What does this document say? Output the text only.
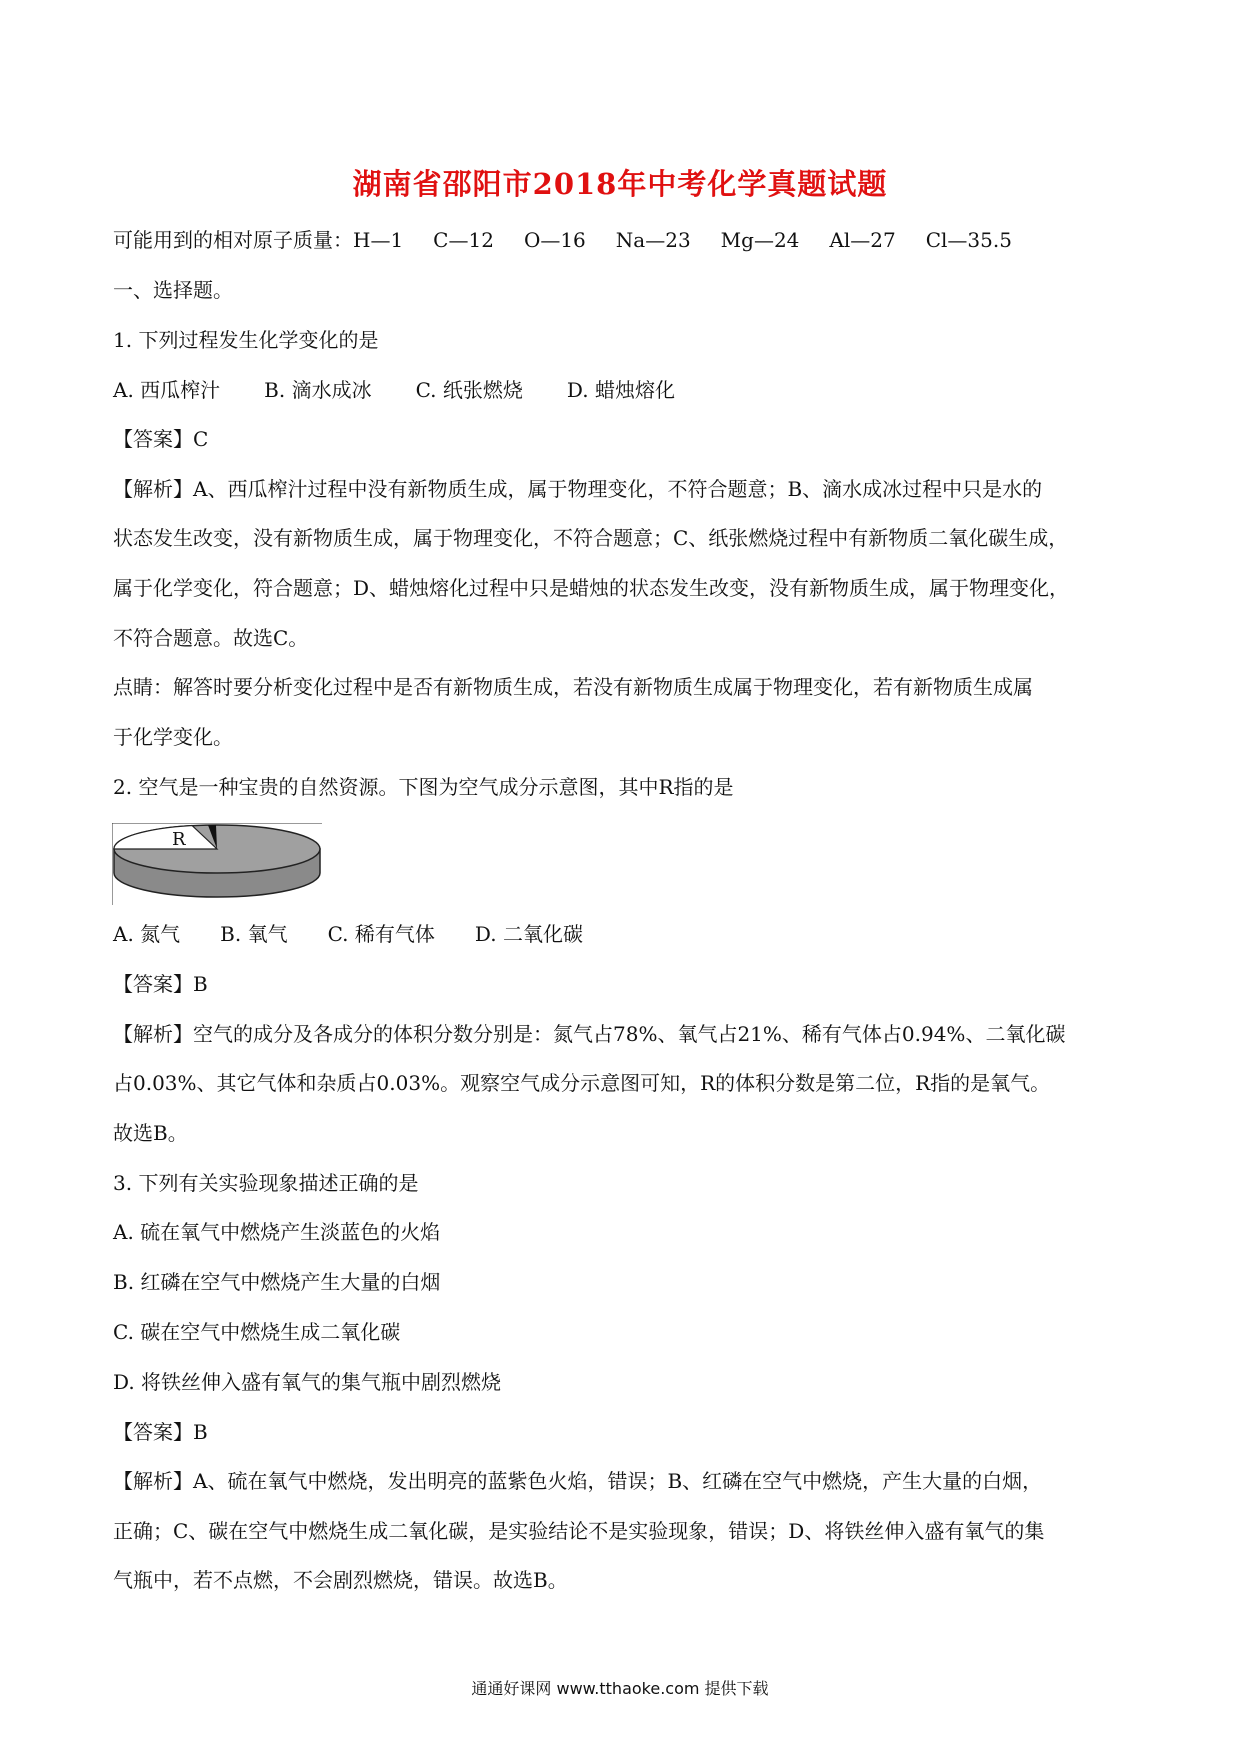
湖南省邵阳市2018年中考化学真题试题
可能用到的相对原子质量： H—1 C—12 O—16 Na—23 Mg—24 Al—27 Cl—35.5
一、选择题。
1. 下列过程发生化学变化的是
A. 西瓜榨汁 B. 滴水成冰 C. 纸张燃烧 D. 蜡烛熔化
【答案】C
【解析】A、西瓜榨汁过程中没有新物质生成，属于物理变化，不符合题意；B、滴水成冰过程中只是水的
状态发生改变，没有新物质生成，属于物理变化，不符合题意；C、纸张燃烧过程中有新物质二氧化碳生成，
属于化学变化，符合题意；D、蜡烛熔化过程中只是蜡烛的状态发生改变，没有新物质生成，属于物理变化，
不符合题意。故选C。
点睛：解答时要分析变化过程中是否有新物质生成，若没有新物质生成属于物理变化，若有新物质生成属
于化学变化。
2. 空气是一种宝贵的自然资源。下图为空气成分示意图，其中R指的是
R
A. 氮气 B. 氧气 C. 稀有气体 D. 二氧化碳
【答案】B
【解析】空气的成分及各成分的体积分数分别是：氮气占78%、氧气占21%、稀有气体占0.94%、二氧化碳
占0.03%、其它气体和杂质占0.03%。观察空气成分示意图可知，R的体积分数是第二位，R指的是氧气。
故选B。
3. 下列有关实验现象描述正确的是
A. 硫在氧气中燃烧产生淡蓝色的火焰
B. 红磷在空气中燃烧产生大量的白烟
C. 碳在空气中燃烧生成二氧化碳
D. 将铁丝伸入盛有氧气的集气瓶中剧烈燃烧
【答案】B
【解析】A、硫在氧气中燃烧，发出明亮的蓝紫色火焰，错误；B、红磷在空气中燃烧，产生大量的白烟，
正确；C、碳在空气中燃烧生成二氧化碳，是实验结论不是实验现象，错误；D、将铁丝伸入盛有氧气的集
气瓶中，若不点燃，不会剧烈燃烧，错误。故选B。
通通好课网 www.tthaoke.com 提供下载
